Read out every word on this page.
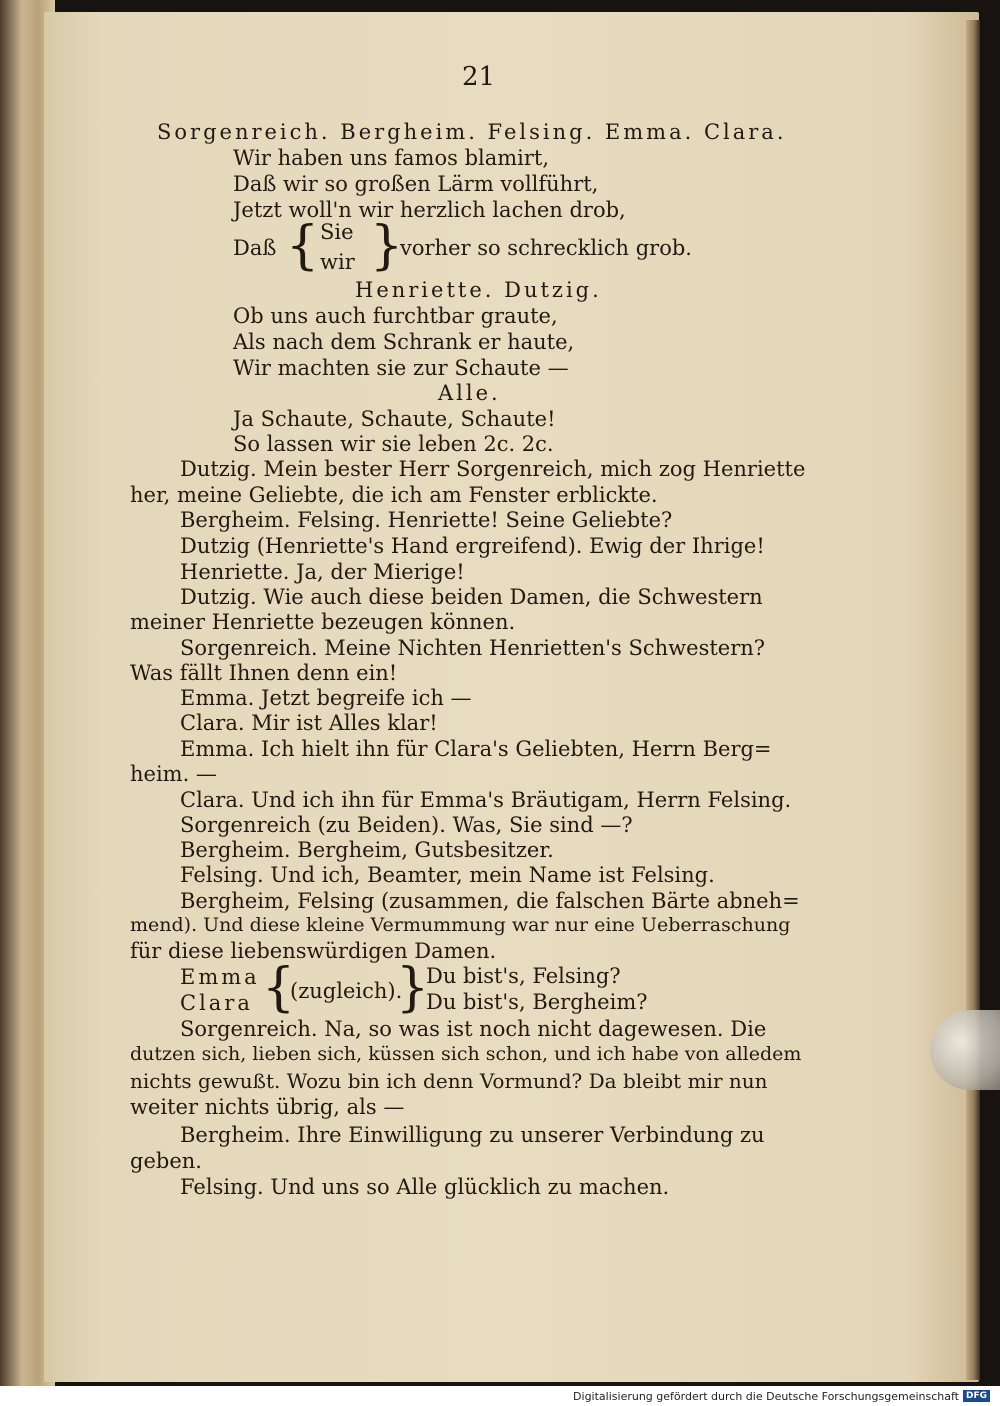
21
Sorgenreich. Bergheim. Felsing. Emma. Clara.
Wir haben uns famos blamirt,
Daß wir so großen Lärm vollführt,
Jetzt woll'n wir herzlich lachen drob,
Daß { Sie
wir }
vorher so schrecklich grob.
Henriette. Dutzig.
Ob uns auch furchtbar graute,
Als nach dem Schrank er haute,
Wir machten sie zur Schaute —
Alle.
Ja Schaute, Schaute, Schaute!
So lassen wir sie leben 2c. 2c.
Dutzig. Mein bester Herr Sorgenreich, mich zog Henriette
her, meine Geliebte, die ich am Fenster erblickte.
Bergheim. Felsing. Henriette! Seine Geliebte?
Dutzig (Henriette's Hand ergreifend). Ewig der Ihrige!
Henriette. Ja, der Mierige!
Dutzig. Wie auch diese beiden Damen, die Schwestern
meiner Henriette bezeugen können.
Sorgenreich. Meine Nichten Henrietten's Schwestern?
Was fällt Ihnen denn ein!
Emma. Jetzt begreife ich —
Clara. Mir ist Alles klar!
Emma. Ich hielt ihn für Clara's Geliebten, Herrn Berg=
heim. —
Clara. Und ich ihn für Emma's Bräutigam, Herrn Felsing.
Sorgenreich (zu Beiden). Was, Sie sind —?
Bergheim. Bergheim, Gutsbesitzer.
Felsing. Und ich, Beamter, mein Name ist Felsing.
Bergheim, Felsing (zusammen, die falschen Bärte abneh=
mend). Und diese kleine Vermummung war nur eine Ueberraschung
für diese liebenswürdigen Damen.
Emma
Clara {
(zugleich).
}
Du bist's, Felsing?
Du bist's, Bergheim?
Sorgenreich. Na, so was ist noch nicht dagewesen. Die
dutzen sich, lieben sich, küssen sich schon, und ich habe von alledem
nichts gewußt. Wozu bin ich denn Vormund? Da bleibt mir nun
weiter nichts übrig, als —
Bergheim. Ihre Einwilligung zu unserer Verbindung zu
geben.
Felsing. Und uns so Alle glücklich zu machen.
Digitalisierung gefördert durch die Deutsche Forschungsgemeinschaft DFG
